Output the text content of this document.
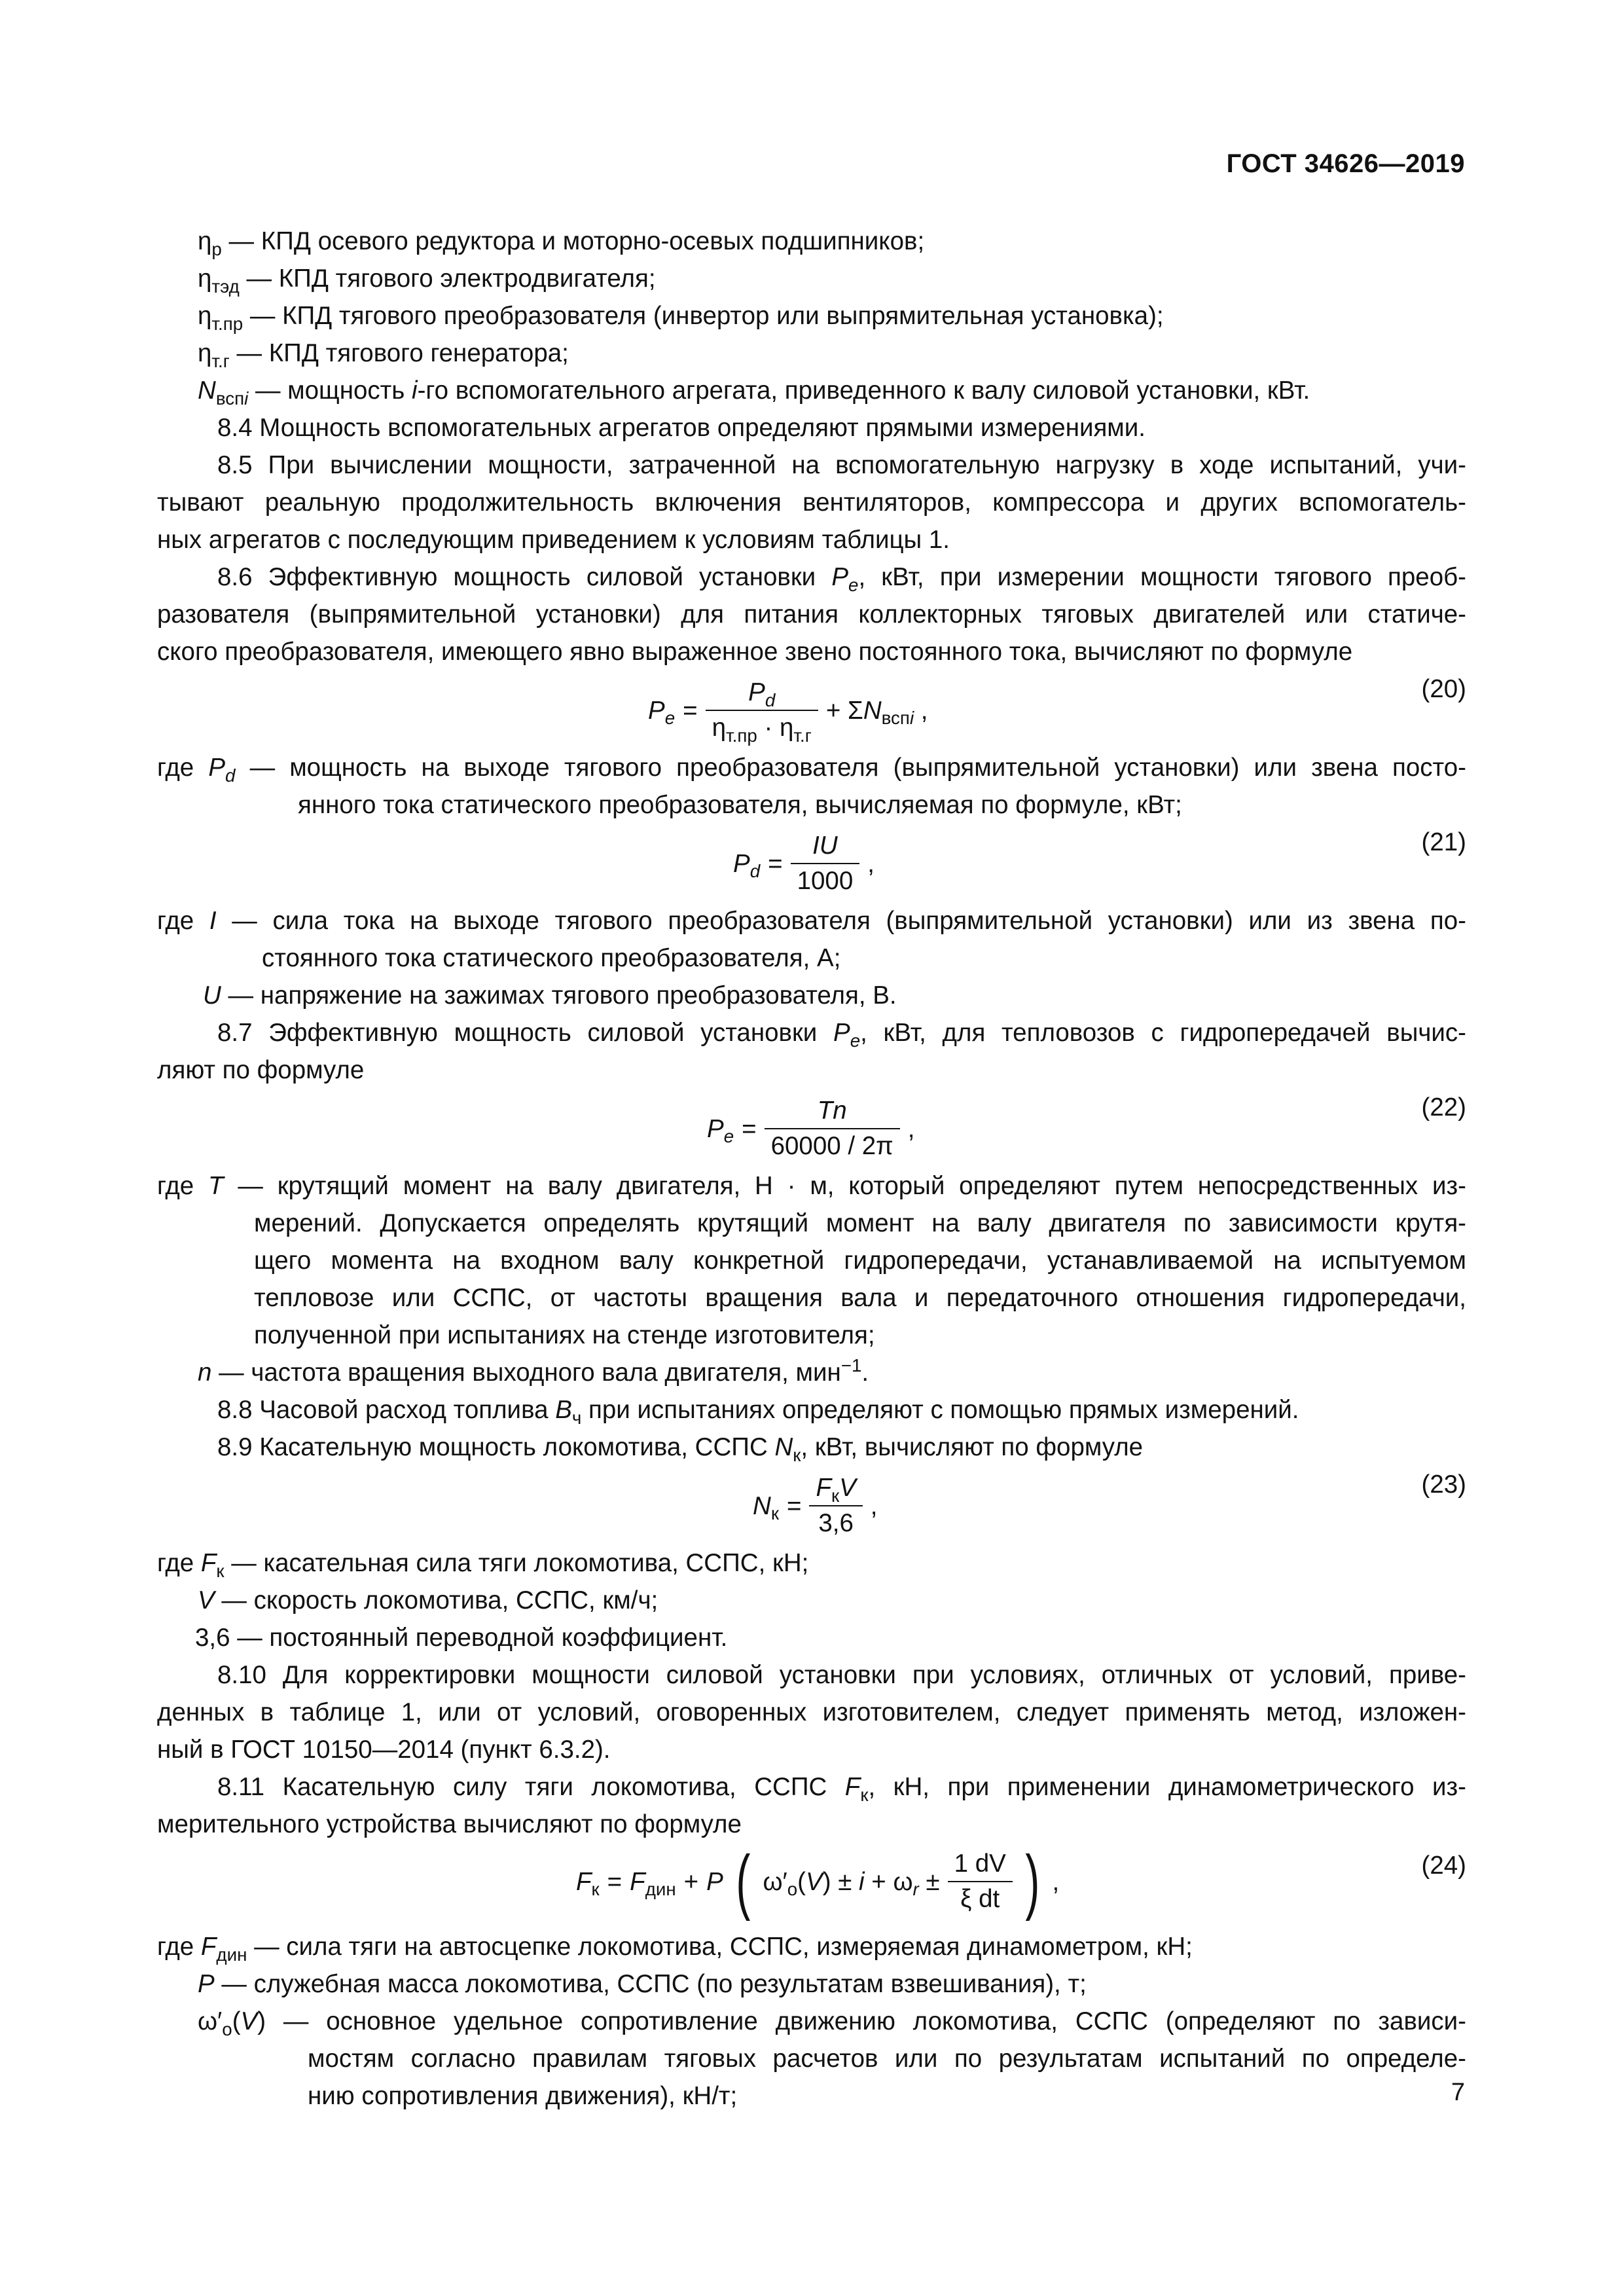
ГОСТ 34626—2019
$\eta_р$ — КПД осевого редуктора и моторно-осевых подшипников;
$\eta_{тэд}$ — КПД тягового электродвигателя;
$\eta_{т.пр}$ — КПД тягового преобразователя (инвертор или выпрямительная установка);
$\eta_{т.г}$ — КПД тягового генератора;
$N_{вспi}$ — мощность i-го вспомогательного агрегата, приведенного к валу силовой установки, кВт.
8.4 Мощность вспомогательных агрегатов определяют прямыми измерениями.
8.5 При вычислении мощности, затраченной на вспомогательную нагрузку в ходе испытаний, учи-
тывают реальную продолжительность включения вентиляторов, компрессора и других вспомогатель-
ных агрегатов с последующим приведением к условиям таблицы 1.
8.6 Эффективную мощность силовой установки $P_e$, кВт, при измерении мощности тягового преоб-
разователя (выпрямительной установки) для питания коллекторных тяговых двигателей или статиче-
ского преобразователя, имеющего явно выраженное звено постоянного тока, вычисляют по формуле
$P_e = \frac{P_d}{\eta_{т.пр} \cdot \eta_{т.г}} + \Sigma N_{вспi}$ ,
(20)
где $P_d$ — мощность на выходе тягового преобразователя (выпрямительной установки) или звена посто-
янного тока статического преобразователя, вычисляемая по формуле, кВт;
$P_d = \frac{IU}{1000}$ ,
(21)
где I — сила тока на выходе тягового преобразователя (выпрямительной установки) или из звена по-
стоянного тока статического преобразователя, А;
U — напряжение на зажимах тягового преобразователя, В.
8.7 Эффективную мощность силовой установки $P_e$, кВт, для тепловозов с гидропередачей вычис-
ляют по формуле
$P_e = \frac{Tn}{60000 / 2\pi}$ ,
(22)
где T — крутящий момент на валу двигателя, Н · м, который определяют путем непосредственных из-
мерений. Допускается определять крутящий момент на валу двигателя по зависимости крутя-
щего момента на входном валу конкретной гидропередачи, устанавливаемой на испытуемом
тепловозе или ССПС, от частоты вращения вала и передаточного отношения гидропередачи,
полученной при испытаниях на стенде изготовителя;
n — частота вращения выходного вала двигателя, мин$^{-1}$.
8.8 Часовой расход топлива $B_ч$ при испытаниях определяют с помощью прямых измерений.
8.9 Касательную мощность локомотива, ССПС $N_к$, кВт, вычисляют по формуле
$N_к = \frac{F_кV}{3,6}$ ,
(23)
где $F_к$ — касательная сила тяги локомотива, ССПС, кН;
V — скорость локомотива, ССПС, км/ч;
3,6 — постоянный переводной коэффициент.
8.10 Для корректировки мощности силовой установки при условиях, отличных от условий, приве-
денных в таблице 1, или от условий, оговоренных изготовителем, следует применять метод, изложен-
ный в ГОСТ 10150—2014 (пункт 6.3.2).
8.11 Касательную силу тяги локомотива, ССПС $F_к$, кН, при применении динамометрического из-
мерительного устройства вычисляют по формуле
$F_к = F_{дин} + P$ ( $\omega'_о(V) \pm i + \omega_r \pm \frac{1 dV}{\text{ξ dt}}$ ) ,
(24)
где $F_{дин}$ — сила тяги на автосцепке локомотива, ССПС, измеряемая динамометром, кН;
P — служебная масса локомотива, ССПС (по результатам взвешивания), т;
$\omega'_о(V)$ — основное удельное сопротивление движению локомотива, ССПС (определяют по зависи-
мостям согласно правилам тяговых расчетов или по результатам испытаний по определе-
нию сопротивления движения), кН/т;	7
